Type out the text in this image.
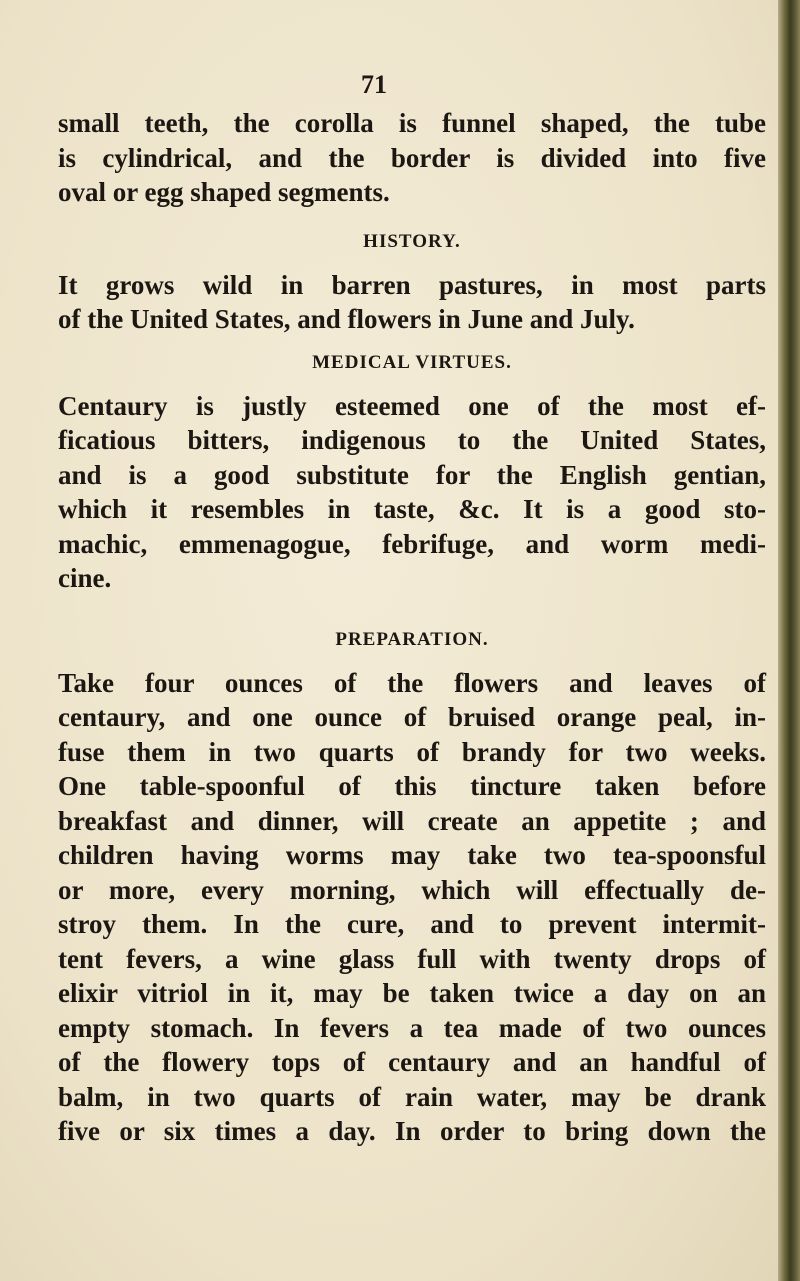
71
small teeth, the corolla is funnel shaped, the tube
is cylindrical, and the border is divided into five
oval or egg shaped segments.
HISTORY.
It grows wild in barren pastures, in most parts
of the United States, and flowers in June and July.
MEDICAL VIRTUES.
Centaury is justly esteemed one of the most ef-
ficatious bitters, indigenous to the United States,
and is a good substitute for the English gentian,
which it resembles in taste, &c. It is a good sto-
machic, emmenagogue, febrifuge, and worm medi-
cine.
PREPARATION.
Take four ounces of the flowers and leaves of
centaury, and one ounce of bruised orange peal, in-
fuse them in two quarts of brandy for two weeks.
One table-spoonful of this tincture taken before
breakfast and dinner, will create an appetite ; and
children having worms may take two tea-spoonsful
or more, every morning, which will effectually de-
stroy them. In the cure, and to prevent intermit-
tent fevers, a wine glass full with twenty drops of
elixir vitriol in it, may be taken twice a day on an
empty stomach. In fevers a tea made of two ounces
of the flowery tops of centaury and an handful of
balm, in two quarts of rain water, may be drank
five or six times a day. In order to bring down the
